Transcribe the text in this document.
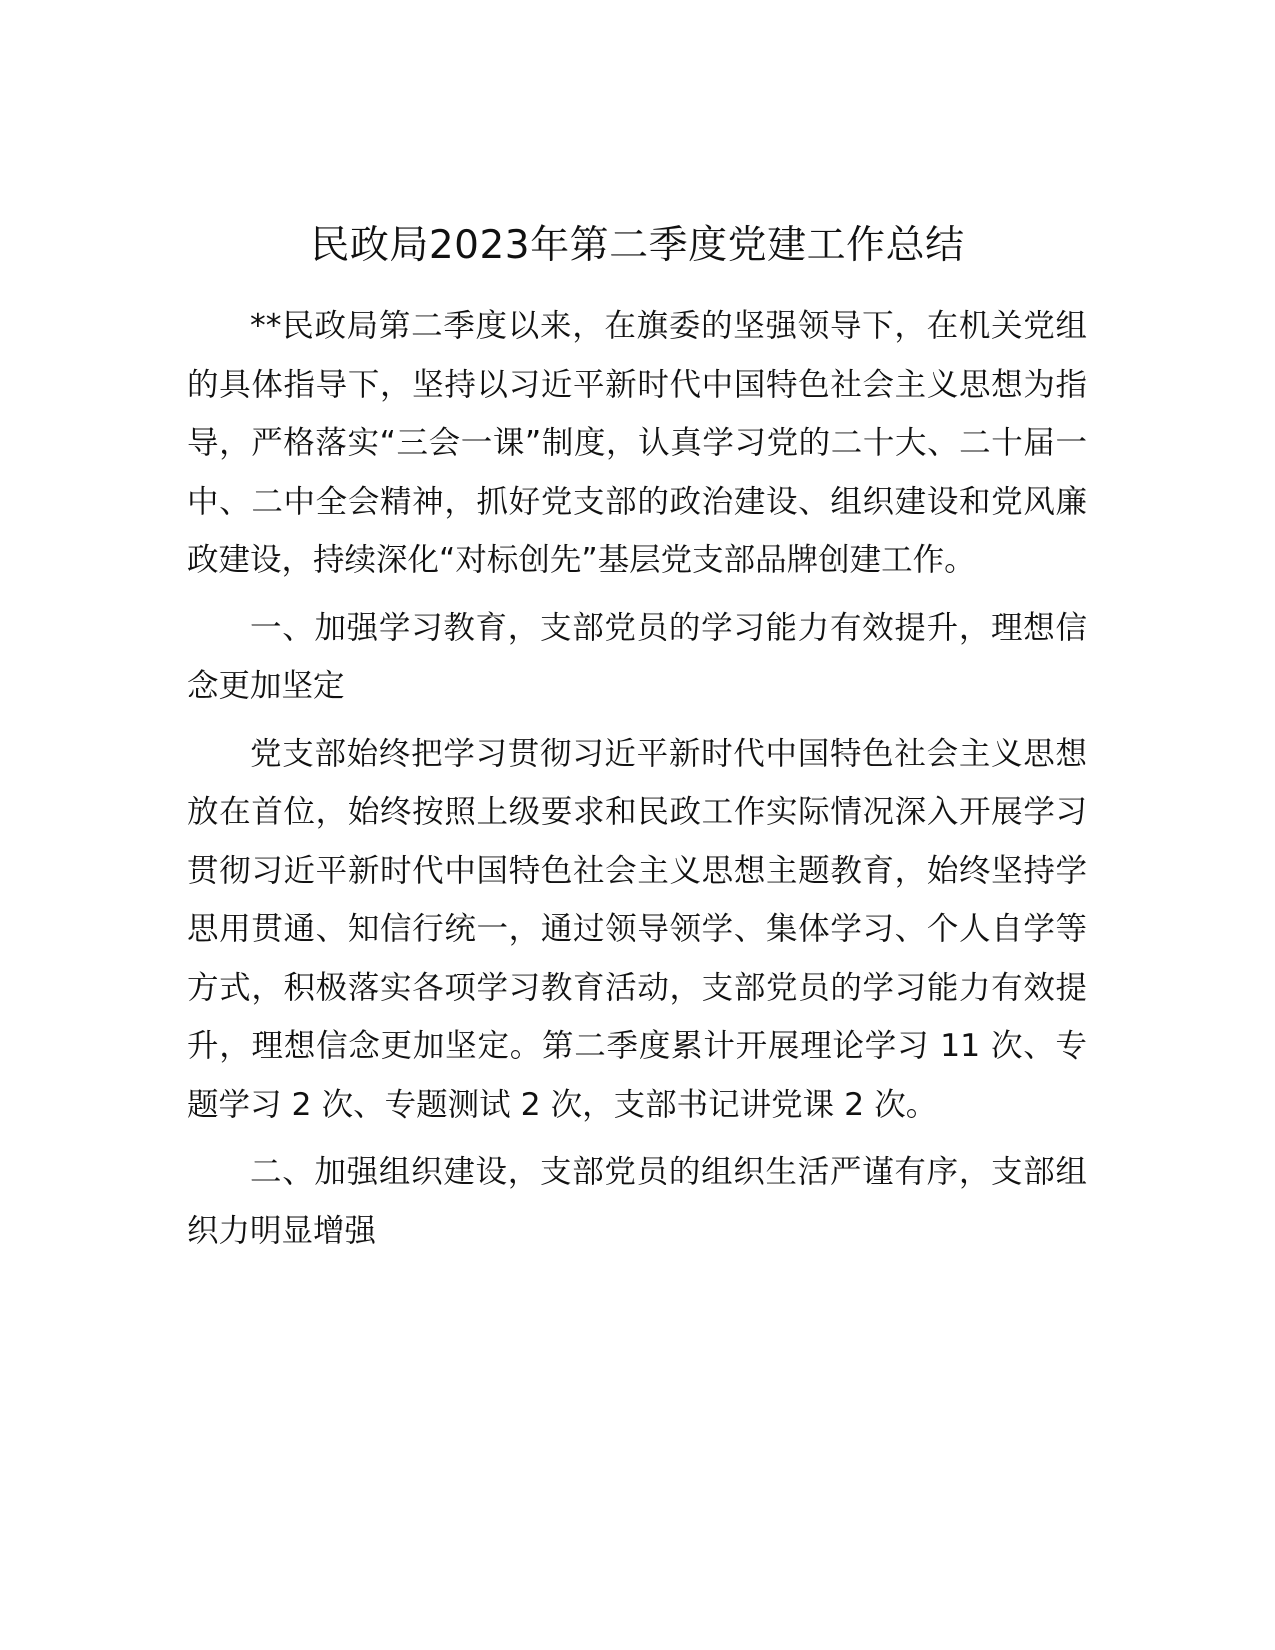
民政局2023年第二季度党建工作总结

**民政局第二季度以来，在旗委的坚强领导下，在机关党组的具体指导下，坚持以习近平新时代中国特色社会主义思想为指导，严格落实“三会一课”制度，认真学习党的二十大、二十届一中、二中全会精神，抓好党支部的政治建设、组织建设和党风廉政建设，持续深化“对标创先”基层党支部品牌创建工作。

一、加强学习教育，支部党员的学习能力有效提升，理想信念更加坚定

党支部始终把学习贯彻习近平新时代中国特色社会主义思想放在首位，始终按照上级要求和民政工作实际情况深入开展学习贯彻习近平新时代中国特色社会主义思想主题教育，始终坚持学思用贯通、知信行统一，通过领导领学、集体学习、个人自学等方式，积极落实各项学习教育活动，支部党员的学习能力有效提升，理想信念更加坚定。第二季度累计开展理论学习 11 次、专题学习 2 次、专题测试 2 次，支部书记讲党课 2 次。

二、加强组织建设，支部党员的组织生活严谨有序，支部组织力明显增强
